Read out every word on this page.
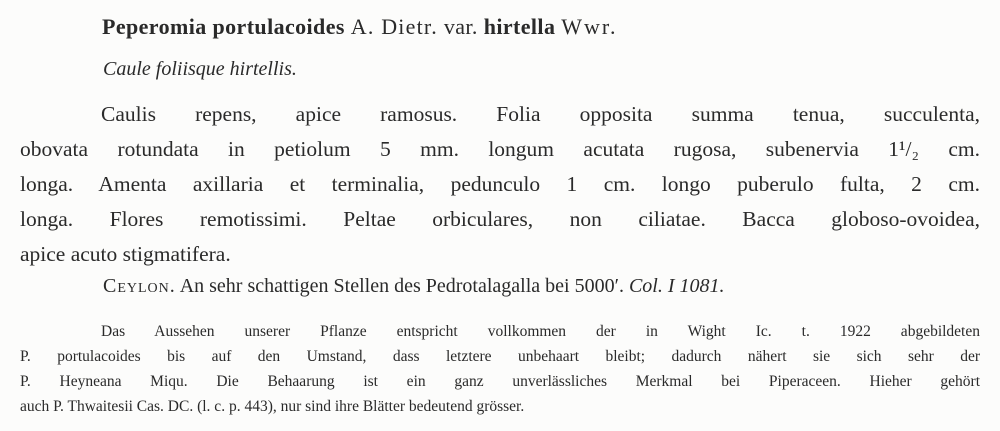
Peperomia portulacoides A. Dietr. var. hirtella Wwr.
Caule foliisque hirtellis.
Caulis repens, apice ramosus. Folia opposita summa tenua, succulenta,
obovata rotundata in petiolum 5 mm. longum acutata rugosa, subenervia 1¹/₂ cm.
longa. Amenta axillaria et terminalia, pedunculo 1 cm. longo puberulo fulta, 2 cm.
longa. Flores remotissimi. Peltae orbiculares, non ciliatae. Bacca globoso-ovoidea,
apice acuto stigmatifera.
Ceylon. An sehr schattigen Stellen des Pedrotalagalla bei 5000′. Col. I 1081.
Das Aussehen unserer Pflanze entspricht vollkommen der in Wight Ic. t. 1922 abgebildeten
P. portulacoides bis auf den Umstand, dass letztere unbehaart bleibt; dadurch nähert sie sich sehr der
P. Heyneana Miqu. Die Behaarung ist ein ganz unverlässliches Merkmal bei Piperaceen. Hieher gehört
auch P. Thwaitesii Cas. DC. (l. c. p. 443), nur sind ihre Blätter bedeutend grösser.
